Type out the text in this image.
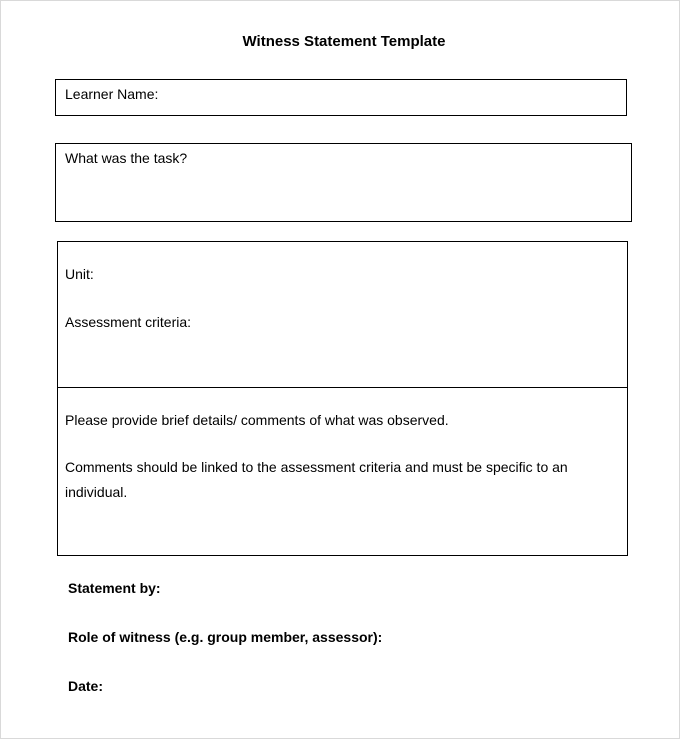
Witness Statement Template
Learner Name:
What was the task?
Unit:
Assessment criteria:
Please provide brief details/ comments of what was observed.
Comments should be linked to the assessment criteria and must be specific to an individual.
Statement by:
Role of witness (e.g. group member, assessor):
Date:
